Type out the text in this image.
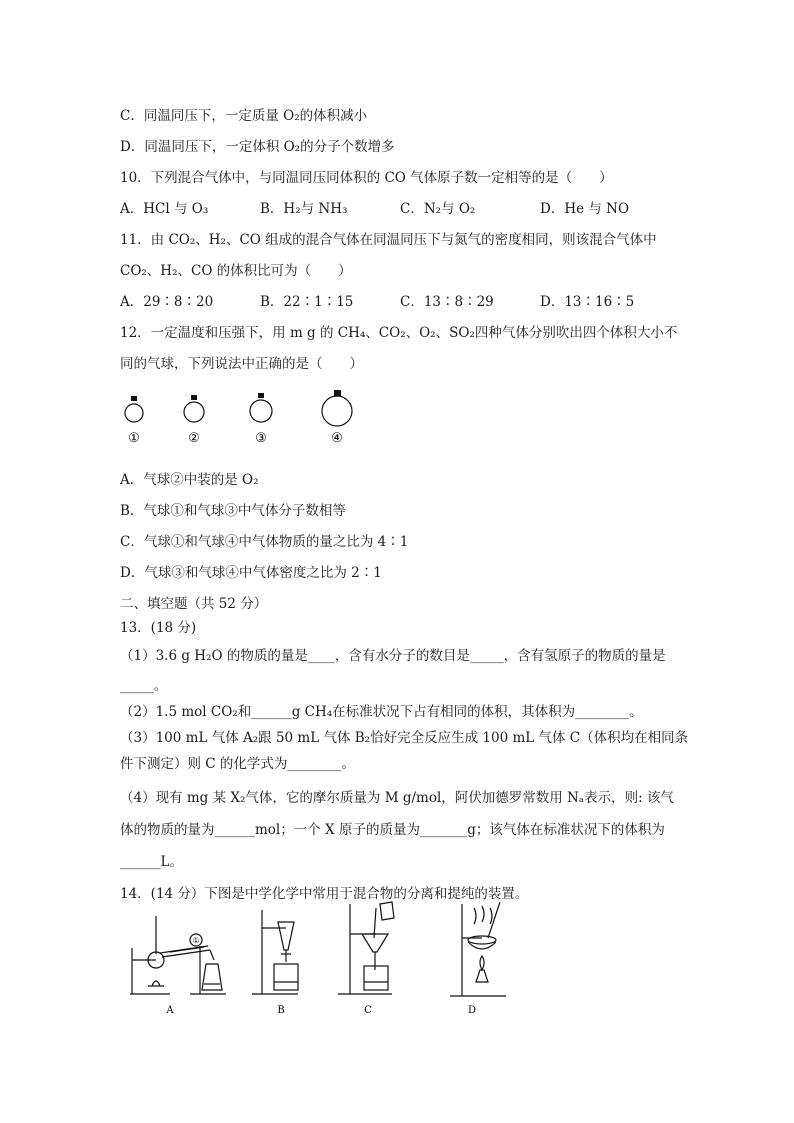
C．同温同压下，一定质量 O₂的体积减小
D．同温同压下，一定体积 O₂的分子个数增多
10．下列混合气体中，与同温同压同体积的 CO 气体原子数一定相等的是（　　）
A．HCl 与 O₃	B．H₂与 NH₃	C．N₂与 O₂	D．He 与 NO
11．由 CO₂、H₂、CO 组成的混合气体在同温同压下与氮气的密度相同，则该混合气体中
CO₂、H₂、CO 的体积比可为（　　）
A．29∶8∶20	B．22∶1∶15	C．13∶8∶29	D．13∶16∶5
12．一定温度和压强下，用 m g 的 CH₄、CO₂、O₂、SO₂四种气体分别吹出四个体积大小不
同的气球，下列说法中正确的是（　　）
①	②	③	④
A．气球②中装的是 O₂
B．气球①和气球③中气体分子数相等
C．气球①和气球④中气体物质的量之比为 4∶1
D．气球③和气球④中气体密度之比为 2∶1
二、填空题（共 52 分）
13．(18 分)
（1）3.6 g H₂O 的物质的量是____，含有水分子的数目是_____，含有氢原子的物质的量是
_____。
（2）1.5 mol CO₂和______g CH₄在标准状况下占有相同的体积，其体积为________。
（3）100 mL 气体 A₂跟 50 mL 气体 B₂恰好完全反应生成 100 mL 气体 C（体积均在相同条
件下测定）则 C 的化学式为________。
（4）现有 mg 某 X₂气体，它的摩尔质量为 M g/mol，阿伏加德罗常数用 Nₐ表示，则: 该气
体的物质的量为______mol；一个 X 原子的质量为_______g；该气体在标准状况下的体积为
______L。
14．(14 分）下图是中学化学中常用于混合物的分离和提纯的装置。
①
A	B	C	D
